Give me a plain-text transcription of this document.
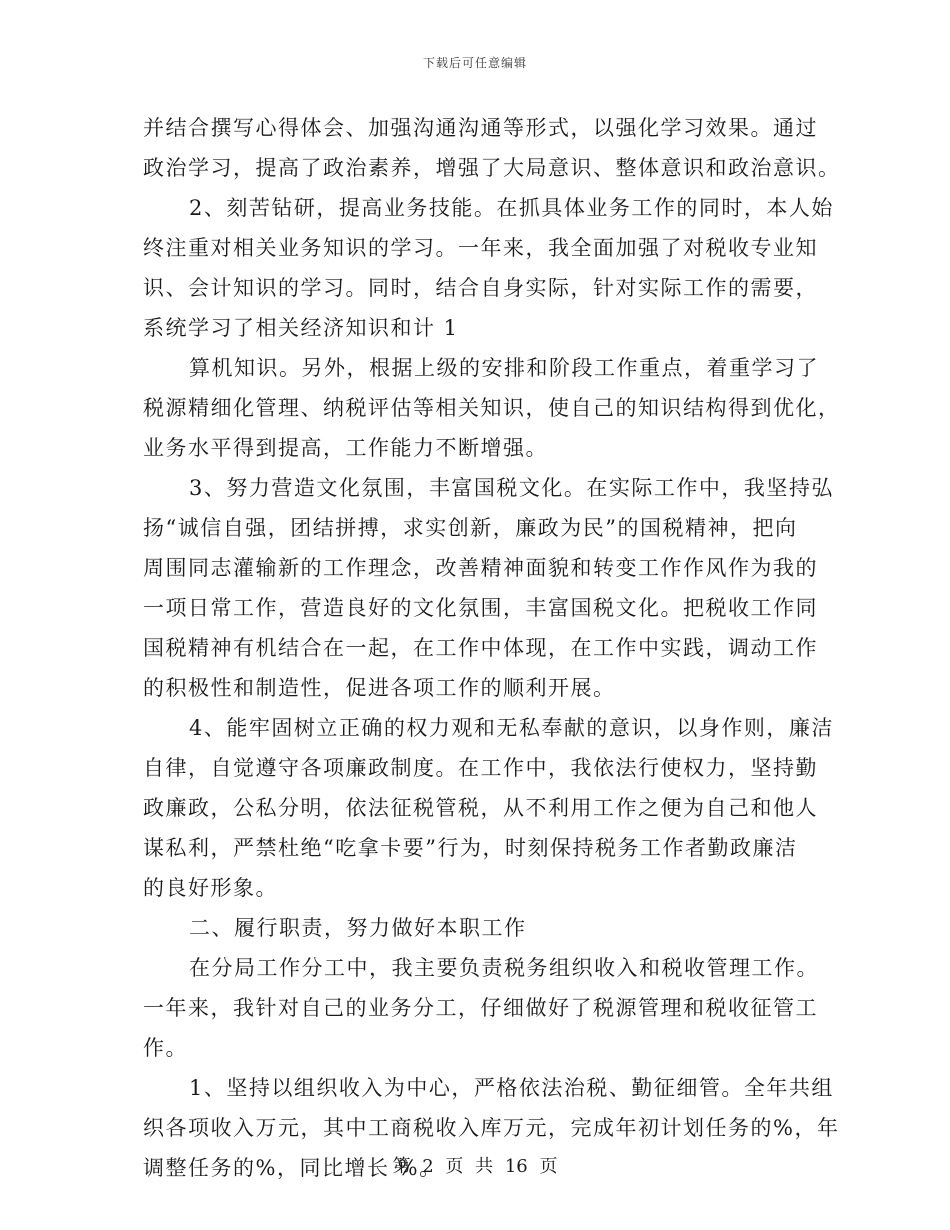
下载后可任意编辑
并结合撰写心得体会、加强沟通沟通等形式，以强化学习效果。通过
政治学习，提高了政治素养，增强了大局意识、整体意识和政治意识。
2、刻苦钻研，提高业务技能。在抓具体业务工作的同时，本人始
终注重对相关业务知识的学习。一年来，我全面加强了对税收专业知
识、会计知识的学习。同时，结合自身实际，针对实际工作的需要，
系统学习了相关经济知识和计 1
算机知识。另外，根据上级的安排和阶段工作重点，着重学习了
税源精细化管理、纳税评估等相关知识，使自己的知识结构得到优化，
业务水平得到提高，工作能力不断增强。
3、努力营造文化氛围，丰富国税文化。在实际工作中，我坚持弘
扬“诚信自强，团结拼搏，求实创新，廉政为民”的国税精神，把向
周围同志灌输新的工作理念，改善精神面貌和转变工作作风作为我的
一项日常工作，营造良好的文化氛围，丰富国税文化。把税收工作同
国税精神有机结合在一起，在工作中体现，在工作中实践，调动工作
的积极性和制造性，促进各项工作的顺利开展。
4、能牢固树立正确的权力观和无私奉献的意识，以身作则，廉洁
自律，自觉遵守各项廉政制度。在工作中，我依法行使权力，坚持勤
政廉政，公私分明，依法征税管税，从不利用工作之便为自己和他人
谋私利，严禁杜绝“吃拿卡要”行为，时刻保持税务工作者勤政廉洁
的良好形象。
二、履行职责，努力做好本职工作
在分局工作分工中，我主要负责税务组织收入和税收管理工作。
一年来，我针对自己的业务分工，仔细做好了税源管理和税收征管工
作。
1、坚持以组织收入为中心，严格依法治税、勤征细管。全年共组
织各项收入万元，其中工商税收入库万元，完成年初计划任务的%，年
调整任务的%，同比增长 %。
第 2 页 共 16 页
